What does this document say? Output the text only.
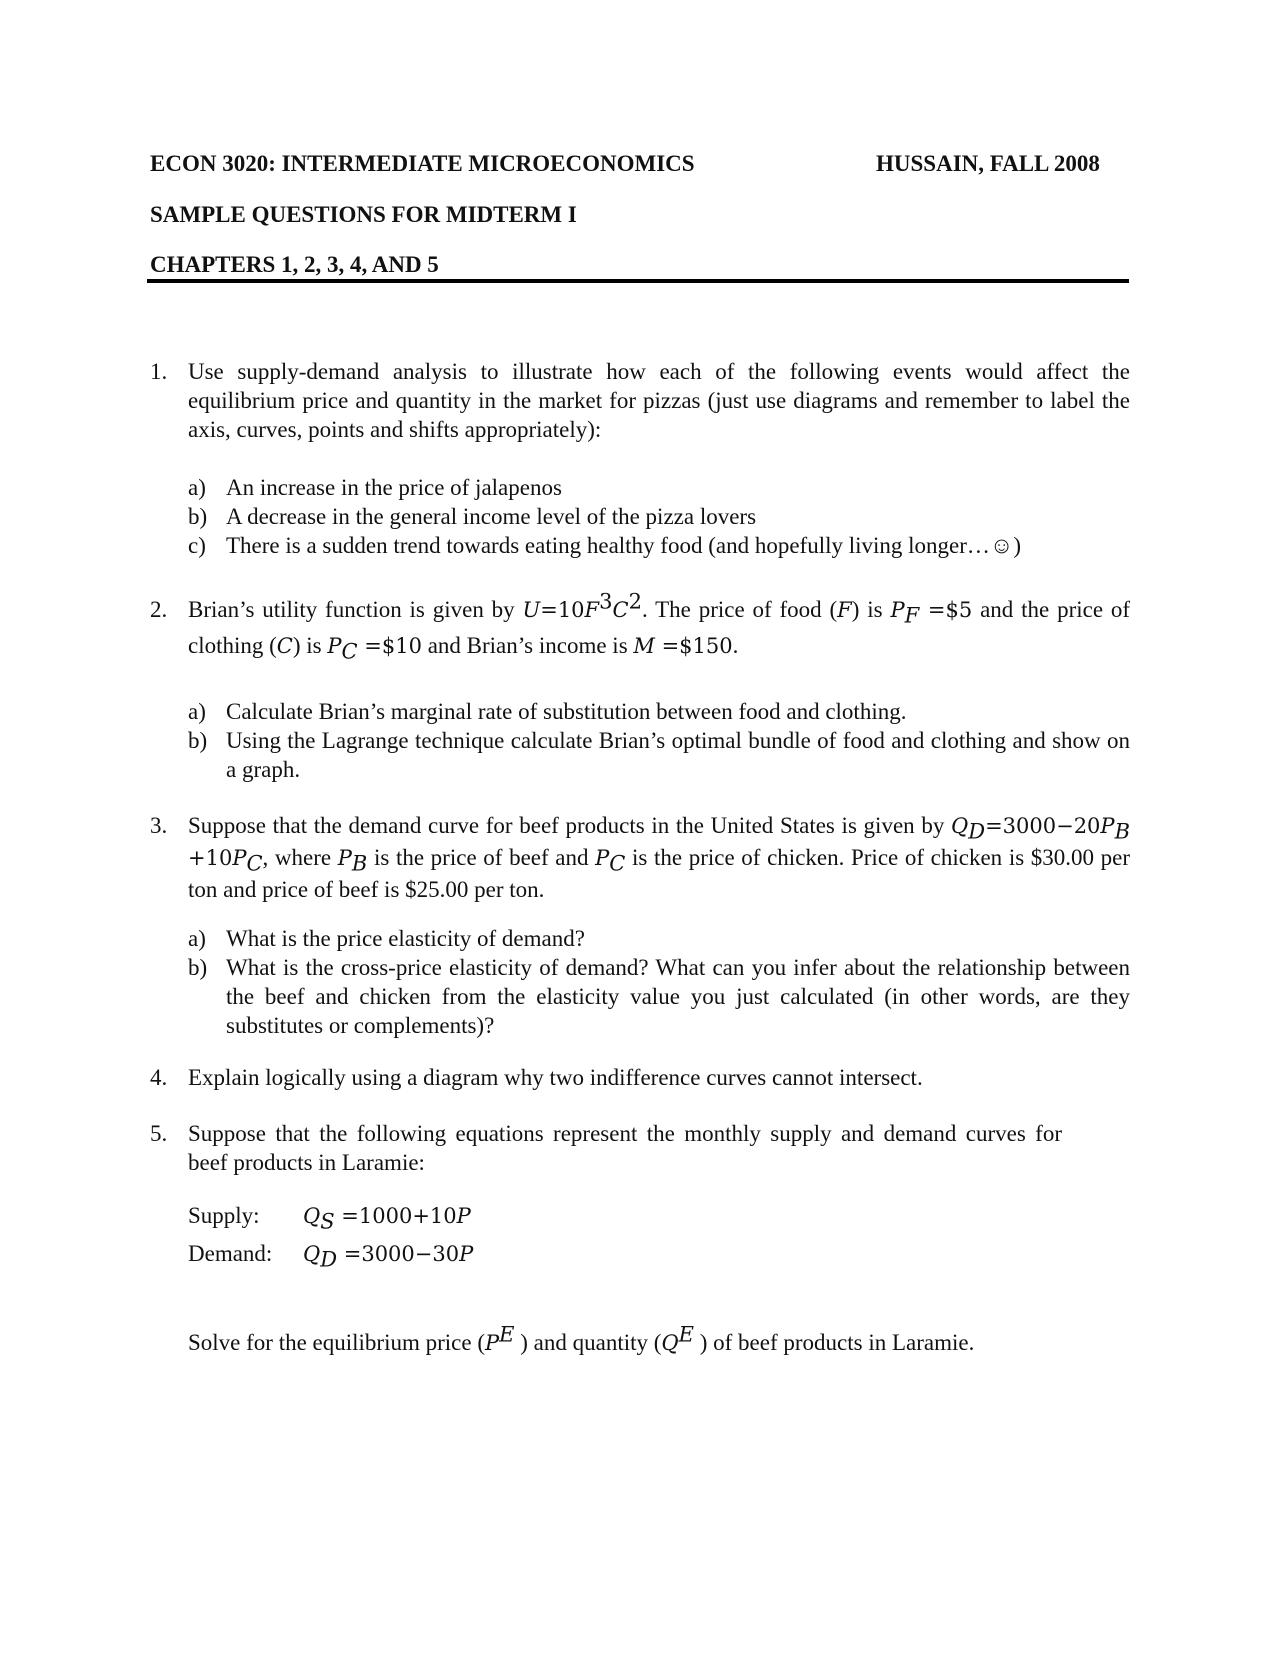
ECON 3020: INTERMEDIATE MICROECONOMICS	HUSSAIN, FALL 2008
SAMPLE QUESTIONS FOR MIDTERM I
CHAPTERS 1, 2, 3, 4, AND 5
1. Use supply-demand analysis to illustrate how each of the following events would affect the equilibrium price and quantity in the market for pizzas (just use diagrams and remember to label the axis, curves, points and shifts appropriately):
a) An increase in the price of jalapenos
b) A decrease in the general income level of the pizza lovers
c) There is a sudden trend towards eating healthy food (and hopefully living longer…☺)
2. Brian’s utility function is given by $U=10F^3C^2$. The price of food (F) is $P_F$ =$5 and the price of clothing (C) is $P_C$ =$10 and Brian’s income is M =$150.
a) Calculate Brian’s marginal rate of substitution between food and clothing.
b) Using the Lagrange technique calculate Brian’s optimal bundle of food and clothing and show on a graph.
3. Suppose that the demand curve for beef products in the United States is given by $Q_D=3000-20P_B +10P_C$, where $P_B$ is the price of beef and $P_C$ is the price of chicken. Price of chicken is $30.00 per ton and price of beef is $25.00 per ton.
a) What is the price elasticity of demand?
b) What is the cross-price elasticity of demand? What can you infer about the relationship between the beef and chicken from the elasticity value you just calculated (in other words, are they substitutes or complements)?
4. Explain logically using a diagram why two indifference curves cannot intersect.
5. Suppose that the following equations represent the monthly supply and demand curves for beef products in Laramie:
Supply: $Q_S =1000+10P$
Demand: $Q_D =3000-30P$
Solve for the equilibrium price ($P^E$ ) and quantity ($Q^E$ ) of beef products in Laramie.
